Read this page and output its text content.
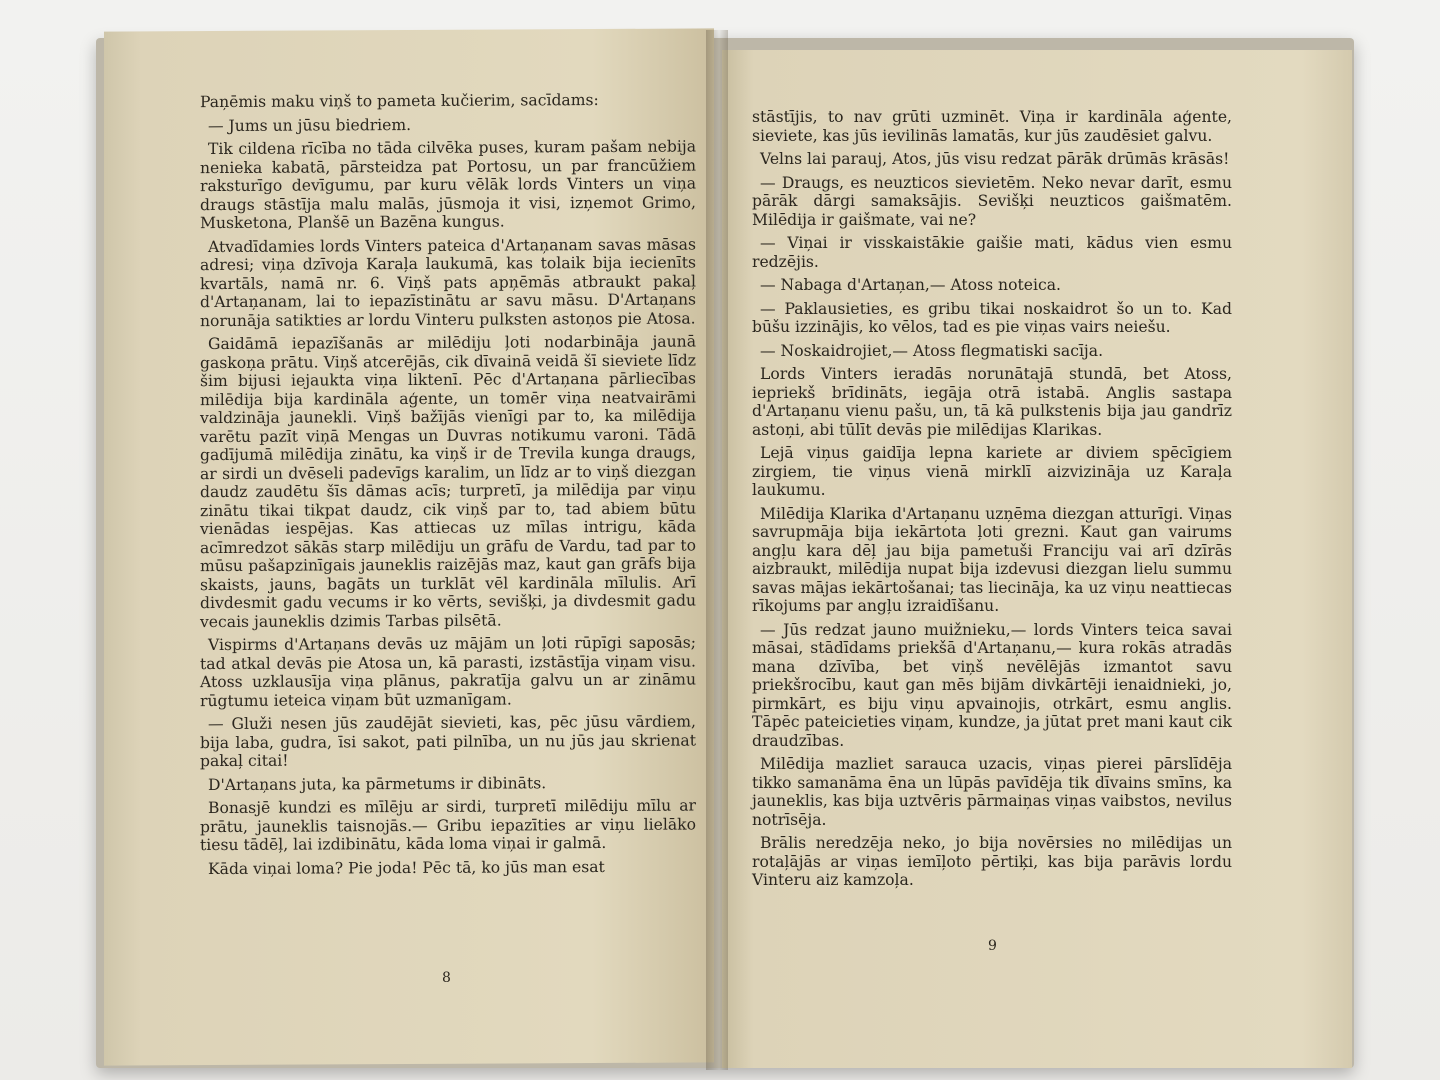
Paņēmis maku viņš to pameta kučierim, sacīdams:

— Jums un jūsu biedriem.

Tik cildena rīcība no tāda cilvēka puses, kuram pašam nebija nenieka kabatā, pārsteidza pat Portosu, un par francūžiem raksturīgo devīgumu, par kuru vēlāk lords Vinters un viņa draugs stāstīja malu malās, jūsmoja it visi, izņemot Grimo, Musketona, Planšē un Bazēna kungus.

Atvadīdamies lords Vinters pateica d'Artaņanam savas māsas adresi; viņa dzīvoja Karaļa laukumā, kas tolaik bija iecienīts kvartāls, namā nr. 6. Viņš pats apņēmās atbraukt pakaļ d'Artaņanam, lai to iepazīstinātu ar savu māsu. D'Artaņans norunāja satikties ar lordu Vinteru pulksten astoņos pie Atosa.

Gaidāmā iepazīšanās ar milēdiju ļoti nodarbināja jaunā gaskoņa prātu. Viņš atcerējās, cik dīvainā veidā šī sieviete līdz šim bijusi iejaukta viņa liktenī. Pēc d'Artaņana pārliecības milēdija bija kardināla aģente, un tomēr viņa neatvairāmi valdzināja jaunekli. Viņš bažījās vienīgi par to, ka milēdija varētu pazīt viņā Mengas un Duvras notikumu varoni. Tādā gadījumā milēdija zinātu, ka viņš ir de Trevila kunga draugs, ar sirdi un dvēseli padevīgs karalim, un līdz ar to viņš diezgan daudz zaudētu šīs dāmas acīs; turpretī, ja milēdija par viņu zinātu tikai tikpat daudz, cik viņš par to, tad abiem būtu vienādas iespējas. Kas attiecas uz mīlas intrigu, kāda acīmredzot sākās starp milēdiju un grāfu de Vardu, tad par to mūsu pašapzinīgais jauneklis raizējās maz, kaut gan grāfs bija skaists, jauns, bagāts un turklāt vēl kardināla mīlulis. Arī divdesmit gadu vecums ir ko vērts, sevišķi, ja divdesmit gadu vecais jauneklis dzimis Tarbas pilsētā.

Vispirms d'Artaņans devās uz mājām un ļoti rūpīgi saposās; tad atkal devās pie Atosa un, kā parasti, izstāstīja viņam visu. Atoss uzklausīja viņa plānus, pakratīja galvu un ar zināmu rūgtumu ieteica viņam būt uzmanīgam.

— Gluži nesen jūs zaudējāt sievieti, kas, pēc jūsu vārdiem, bija laba, gudra, īsi sakot, pati pilnība, un nu jūs jau skrienat pakaļ citai!

D'Artaņans juta, ka pārmetums ir dibināts.

Bonasjē kundzi es mīlēju ar sirdi, turpretī milēdiju mīlu ar prātu, jauneklis taisnojās.— Gribu iepazīties ar viņu lielāko tiesu tādēļ, lai izdibinātu, kāda loma viņai ir galmā.

Kāda viņai loma? Pie joda! Pēc tā, ko jūs man esat

8

stāstījis, to nav grūti uzminēt. Viņa ir kardināla aģente, sieviete, kas jūs ievilinās lamatās, kur jūs zaudēsiet galvu.

Velns lai parauj, Atos, jūs visu redzat pārāk drūmās krāsās!

— Draugs, es neuzticos sievietēm. Neko nevar darīt, esmu pārāk dārgi samaksājis. Sevišķi neuzticos gaišmatēm. Milēdija ir gaišmate, vai ne?

— Viņai ir visskaistākie gaišie mati, kādus vien esmu redzējis.

— Nabaga d'Artaņan,— Atoss noteica.

— Paklausieties, es gribu tikai noskaidrot šo un to. Kad būšu izzinājis, ko vēlos, tad es pie viņas vairs neiešu.

— Noskaidrojiet,— Atoss flegmatiski sacīja.

Lords Vinters ieradās norunātajā stundā, bet Atoss, iepriekš brīdināts, iegāja otrā istabā. Anglis sastapa d'Artaņanu vienu pašu, un, tā kā pulkstenis bija jau gandrīz astoņi, abi tūlīt devās pie milēdijas Klarikas.

Lejā viņus gaidīja lepna kariete ar diviem spēcīgiem zirgiem, tie viņus vienā mirklī aizvizināja uz Karaļa laukumu.

Milēdija Klarika d'Artaņanu uzņēma diezgan atturīgi. Viņas savrupmāja bija iekārtota ļoti grezni. Kaut gan vairums angļu kara dēļ jau bija pametuši Franciju vai arī dzīrās aizbraukt, milēdija nupat bija izdevusi diezgan lielu summu savas mājas iekārtošanai; tas liecināja, ka uz viņu neattiecas rīkojums par angļu izraidīšanu.

— Jūs redzat jauno muižnieku,— lords Vinters teica savai māsai, stādīdams priekšā d'Artaņanu,— kura rokās atradās mana dzīvība, bet viņš nevēlējās izmantot savu priekšrocību, kaut gan mēs bijām divkārtēji ienaidnieki, jo, pirmkārt, es biju viņu apvainojis, otrkārt, esmu anglis. Tāpēc pateicieties viņam, kundze, ja jūtat pret mani kaut cik draudzības.

Milēdija mazliet sarauca uzacis, viņas pierei pārslīdēja tikko samanāma ēna un lūpās pavīdēja tik dīvains smīns, ka jauneklis, kas bija uztvēris pārmaiņas viņas vaibstos, nevilus notrīsēja.

Brālis neredzēja neko, jo bija novērsies no milēdijas un rotaļājās ar viņas iemīļoto pērtiķi, kas bija parāvis lordu Vinteru aiz kamzoļa.

9
